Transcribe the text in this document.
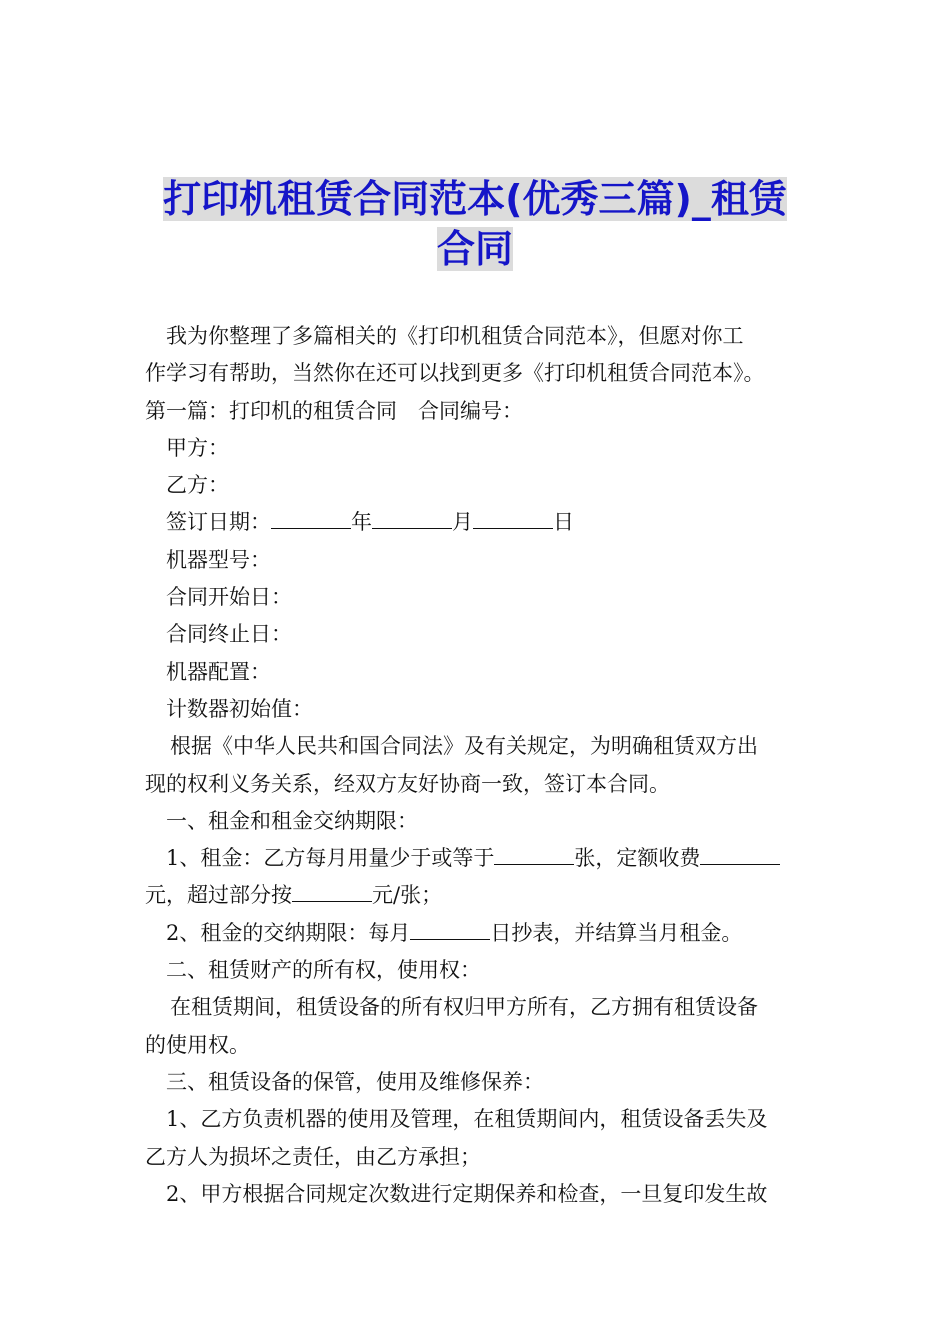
打印机租赁合同范本(优秀三篇)_租赁
合同
我为你整理了多篇相关的《打印机租赁合同范本》，但愿对你工
作学习有帮助，当然你在还可以找到更多《打印机租赁合同范本》。
第一篇：打印机的租赁合同　合同编号：
甲方：
乙方：
签订日期：	年	月	日
机器型号：
合同开始日：
合同终止日：
机器配置：
计数器初始值：
根据《中华人民共和国合同法》及有关规定，为明确租赁双方出
现的权利义务关系，经双方友好协商一致，签订本合同。
一、租金和租金交纳期限：
1、租金：乙方每月用量少于或等于	张，定额收费
元，超过部分按	元/张；
2、租金的交纳期限：每月	日抄表，并结算当月租金。
二、租赁财产的所有权，使用权：
在租赁期间，租赁设备的所有权归甲方所有，乙方拥有租赁设备
的使用权。
三、租赁设备的保管，使用及维修保养：
1、乙方负责机器的使用及管理，在租赁期间内，租赁设备丢失及
乙方人为损坏之责任，由乙方承担；
2、甲方根据合同规定次数进行定期保养和检查，一旦复印发生故
